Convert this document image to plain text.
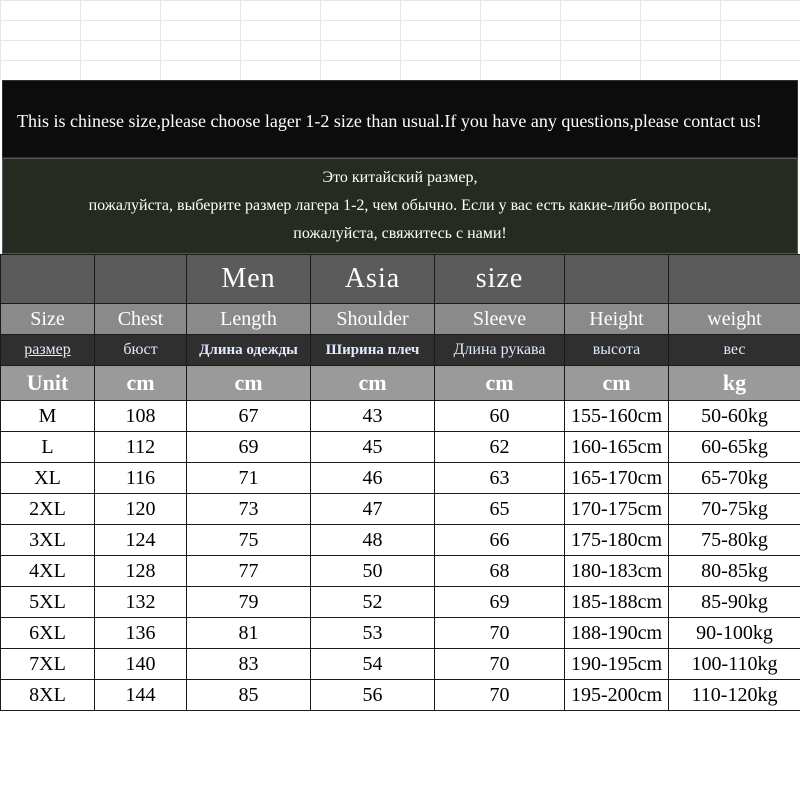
This is chinese size,please choose lager 1-2 size than usual.If you have any questions,please contact us!
Это китайский размер,
пожалуйста, выберите размер лагера 1-2, чем обычно. Если у вас есть какие-либо вопросы,
пожалуйста, свяжитесь с нами!
		Men	Asia	size		
Size	Chest	Length	Shoulder	Sleeve	Height	weight
размер	бюст	Длина одежды	Ширина плеч	Длина рукава	высота	вес
Unit	cm	cm	cm	cm	cm	kg
M	108	67	43	60	155-160cm	50-60kg
L	112	69	45	62	160-165cm	60-65kg
XL	116	71	46	63	165-170cm	65-70kg
2XL	120	73	47	65	170-175cm	70-75kg
3XL	124	75	48	66	175-180cm	75-80kg
4XL	128	77	50	68	180-183cm	80-85kg
5XL	132	79	52	69	185-188cm	85-90kg
6XL	136	81	53	70	188-190cm	90-100kg
7XL	140	83	54	70	190-195cm	100-110kg
8XL	144	85	56	70	195-200cm	110-120kg
